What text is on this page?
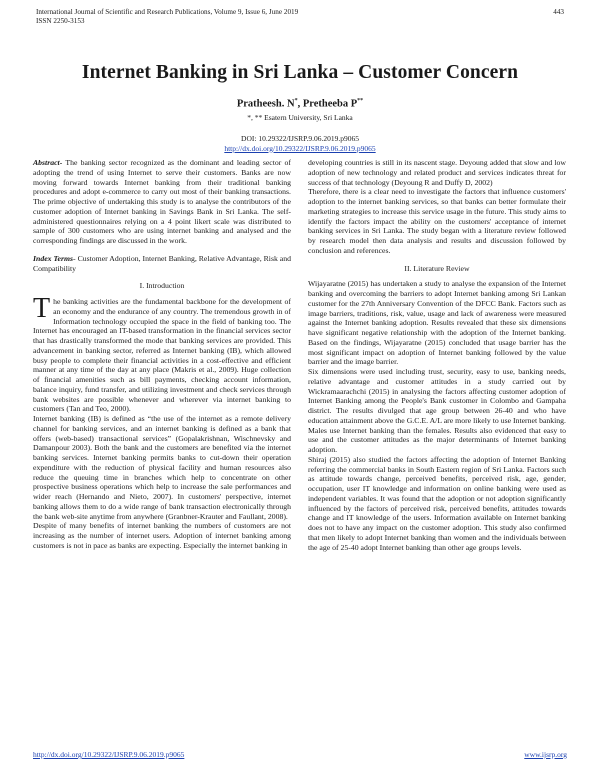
International Journal of Scientific and Research Publications, Volume 9, Issue 6, June 2019
ISSN 2250-3153
443
Internet Banking in Sri Lanka – Customer Concern
Pratheesh. N*, Pretheeba P**
*, ** Esatern University, Sri Lanka
DOI: 10.29322/IJSRP.9.06.2019.p9065
http://dx.doi.org/10.29322/IJSRP.9.06.2019.p9065

Abstract- The banking sector recognized as the dominant and leading sector of adopting the trend of using Internet to serve their customers. Banks are now moving forward towards Internet banking from their traditional banking procedures and adopt e-commerce to carry out most of their banking transactions. The prime objective of undertaking this study is to analyse the contributors of the customer adoption of Internet banking in Savings Bank in Sri Lanka. The self-administered questionnaires relying on a 4 point likert scale was distributed to sample of 300 customers who are using internet banking and analysed and the corresponding findings are discussed in the work.

Index Terms- Customer Adoption, Internet Banking, Relative Advantage, Risk and Compatibility

I. Introduction

The banking activities are the fundamental backbone for the development of an economy and the endurance of any country. The tremendous growth in of Information technology occupied the space in the field of banking too. The Internet has encouraged an IT-based transformation in the financial services sector that has drastically transformed the mode that banking services are provided. This advancement in banking sector, referred as Internet banking (IB), which allowed busy people to complete their financial activities in a cost-effective and efficient manner at any time of the day at any place (Makris et al., 2009). Huge collection of financial amenities such as bill payments, checking account information, balance inquiry, fund transfer, and utilizing investment and check services through bank websites are possible whenever and wherever via internet banking to customers (Tan and Teo, 2000).

Internet banking (IB) is defined as “the use of the internet as a remote delivery channel for banking services, and an internet banking is defined as a bank that offers (web-based) transactional services” (Gopalakrishnan, Wischnevsky and Damanpour 2003). Both the bank and the customers are benefited via the internet banking services. Internet banking permits banks to cut-down their operation expenditure with the reduction of physical facility and human resources also reduce the queuing time in branches which help to concentrate on other prospective business operations which help to increase the sale performances and wider reach (Hernando and Nieto, 2007). In customers' perspective, internet banking allows them to do a wide range of bank transaction electronically through the bank web-site anytime from anywhere (Granbner-Krauter and Faullant, 2008).

Despite of many benefits of internet banking the numbers of customers are not increasing as the number of internet users. Adoption of internet banking among customers is not in pace as banks are expecting. Especially the internet banking in

developing countries is still in its nascent stage. Deyoung added that slow and low adoption of new technology and related product and services indicates threat for success of that technology (Deyoung R and Duffy D, 2002)

Therefore, there is a clear need to investigate the factors that influence customers' adoption to the internet banking services, so that banks can better formulate their marketing strategies to increase this service usage in the future. This study aims to identify the factors impact the ability on the customers' acceptance of internet banking services in Sri Lanka. The study began with a literature review followed by research model then data analysis and results and discussion followed by conclusion and references.

II. Literature Review

Wijayaratne (2015) has undertaken a study to analyse the expansion of the Internet banking and overcoming the barriers to adopt Internet banking among Sri Lankan customer for the 27th Anniversary Convention of the DFCC Bank. Factors such as image barriers, traditions, risk, value, usage and lack of awareness were measured against the Internet banking adoption. Results revealed that these six dimensions have significant negative relationship with the adoption of the Internet banking. Based on the findings, Wijayaratne (2015) concluded that usage barrier has the most significant impact on adoption of Internet banking followed by the value barrier and the image barrier.

Six dimensions were used including trust, security, easy to use, banking needs, relative advantage and customer attitudes in a study carried out by Wickramaarachchi (2015) in analysing the factors affecting customer adoption of Internet Banking among the People's Bank customer in Colombo and Gampaha district. The results divulged that age group between 26-40 and who have education attainment above the G.C.E. A/L are more likely to use Internet banking. Males use Internet banking than the females. Results also evidenced that easy to use and the customer attitudes as the major determinants of Internet banking adoption.

Shiraj (2015) also studied the factors affecting the adoption of Internet Banking referring the commercial banks in South Eastern region of Sri Lanka. Factors such as attitude towards change, perceived benefits, perceived risk, age, gender, occupation, user IT knowledge and information on online banking were used as independent variables. It was found that the adoption or not adoption significantly influenced by the factors of perceived risk, perceived benefits, attitudes towards change and IT knowledge of the users. Information available on Internet banking does not to have any impact on the customer adoption. This study also confirmed that men likely to adopt Internet banking than women and the individuals between the age of 25-40 adopt Internet banking than other age groups levels.

http://dx.doi.org/10.29322/IJSRP.9.06.2019.p9065	www.ijsrp.org
